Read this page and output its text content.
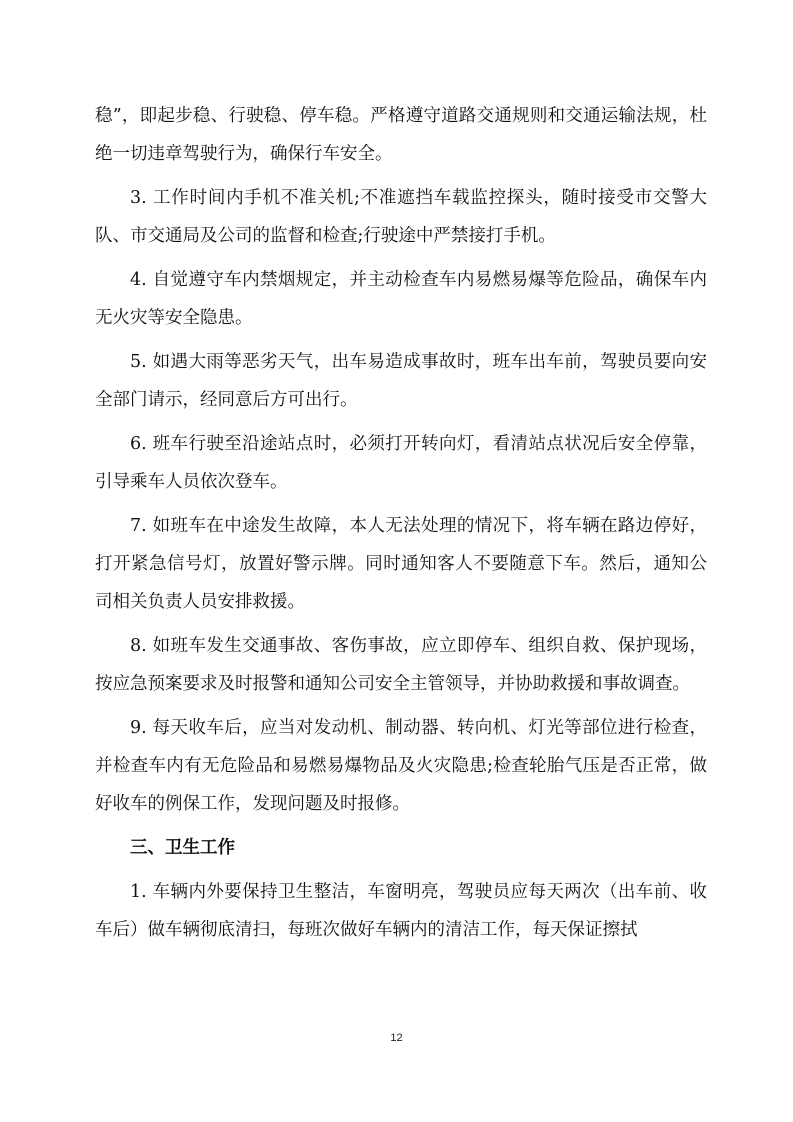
稳”，即起步稳、行驶稳、停车稳。严格遵守道路交通规则和交通运输法规，杜绝一切违章驾驶行为，确保行车安全。

3. 工作时间内手机不准关机;不准遮挡车载监控探头，随时接受市交警大队、市交通局及公司的监督和检查;行驶途中严禁接打手机。

4. 自觉遵守车内禁烟规定，并主动检查车内易燃易爆等危险品，确保车内无火灾等安全隐患。

5. 如遇大雨等恶劣天气，出车易造成事故时，班车出车前，驾驶员要向安全部门请示，经同意后方可出行。

6. 班车行驶至沿途站点时，必须打开转向灯，看清站点状况后安全停靠，引导乘车人员依次登车。

7. 如班车在中途发生故障，本人无法处理的情况下，将车辆在路边停好，打开紧急信号灯，放置好警示牌。同时通知客人不要随意下车。然后，通知公司相关负责人员安排救援。

8. 如班车发生交通事故、客伤事故，应立即停车、组织自救、保护现场，按应急预案要求及时报警和通知公司安全主管领导，并协助救援和事故调查。

9. 每天收车后，应当对发动机、制动器、转向机、灯光等部位进行检查，并检查车内有无危险品和易燃易爆物品及火灾隐患;检查轮胎气压是否正常，做好收车的例保工作，发现问题及时报修。

三、卫生工作

1. 车辆内外要保持卫生整洁，车窗明亮，驾驶员应每天两次（出车前、收车后）做车辆彻底清扫，每班次做好车辆内的清洁工作，每天保证擦拭

12
